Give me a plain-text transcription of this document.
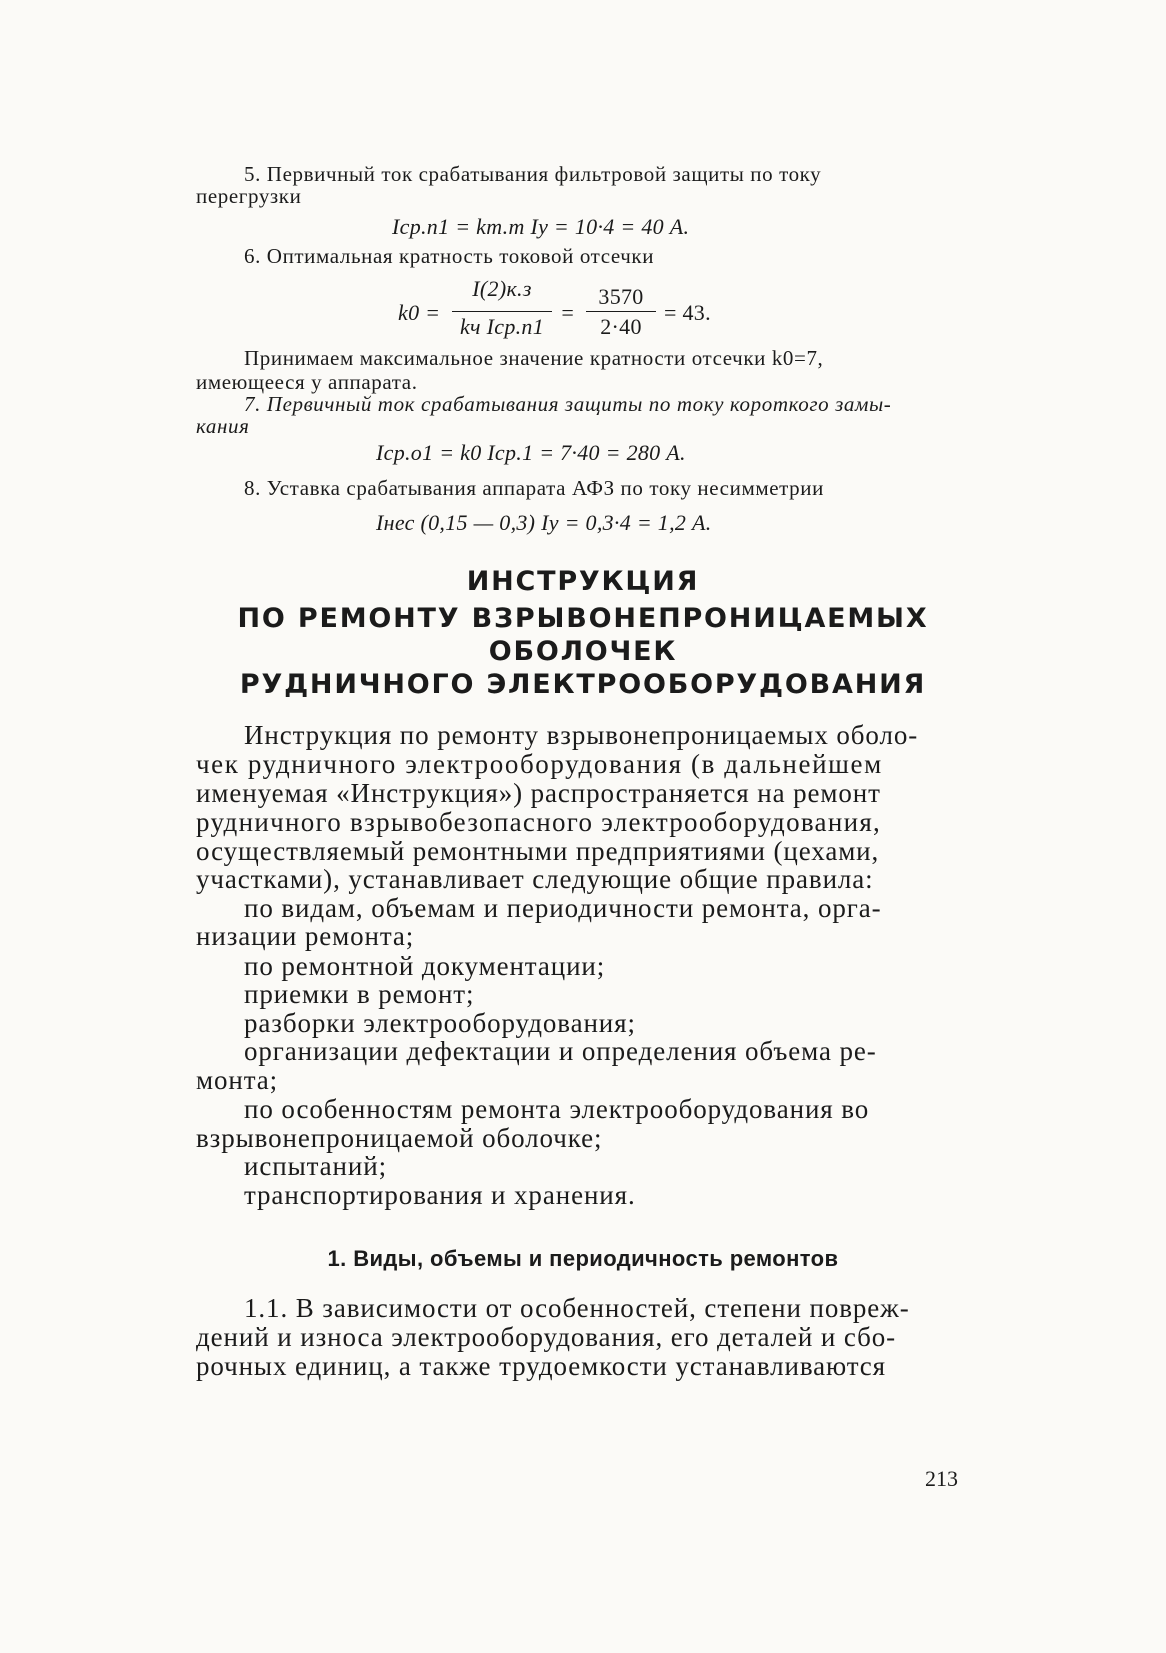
5. Первичный ток срабатывания фильтровой защиты по току

перегрузки

Iср.п1 = kт.т Iу = 10·4 = 40 А.

6. Оптимальная кратность токовой отсечки

k0 =
I(2)к.з
kч Iср.п1
=
3570
2·40
= 43.

Принимаем максимальное значение кратности отсечки k0=7,

имеющееся у аппарата.

7. Первичный ток срабатывания защиты по току короткого замы-

кания

Iср.о1 = k0 Iср.1 = 7·40 = 280 А.

8. Уставка срабатывания аппарата АФЗ по току несимметрии

Iнес (0,15 — 0,3) Iу = 0,3·4 = 1,2 А.

ИНСТРУКЦИЯ

ПО РЕМОНТУ ВЗРЫВОНЕПРОНИЦАЕМЫХ

ОБОЛОЧЕК

РУДНИЧНОГО ЭЛЕКТРООБОРУДОВАНИЯ

Инструкция по ремонту взрывонепроницаемых оболо-

чек рудничного электрооборудования (в дальнейшем

именуемая «Инструкция») распространяется на ремонт

рудничного взрывобезопасного электрооборудования,

осуществляемый ремонтными предприятиями (цехами,

участками), устанавливает следующие общие правила:

по видам, объемам и периодичности ремонта, орга-

низации ремонта;

по ремонтной документации;

приемки в ремонт;

разборки электрооборудования;

организации дефектации и определения объема ре-

монта;

по особенностям ремонта электрооборудования во

взрывонепроницаемой оболочке;

испытаний;

транспортирования и хранения.

1. Виды, объемы и периодичность ремонтов

1.1. В зависимости от особенностей, степени повреж-

дений и износа электрооборудования, его деталей и сбо-

рочных единиц, а также трудоемкости устанавливаются

213
